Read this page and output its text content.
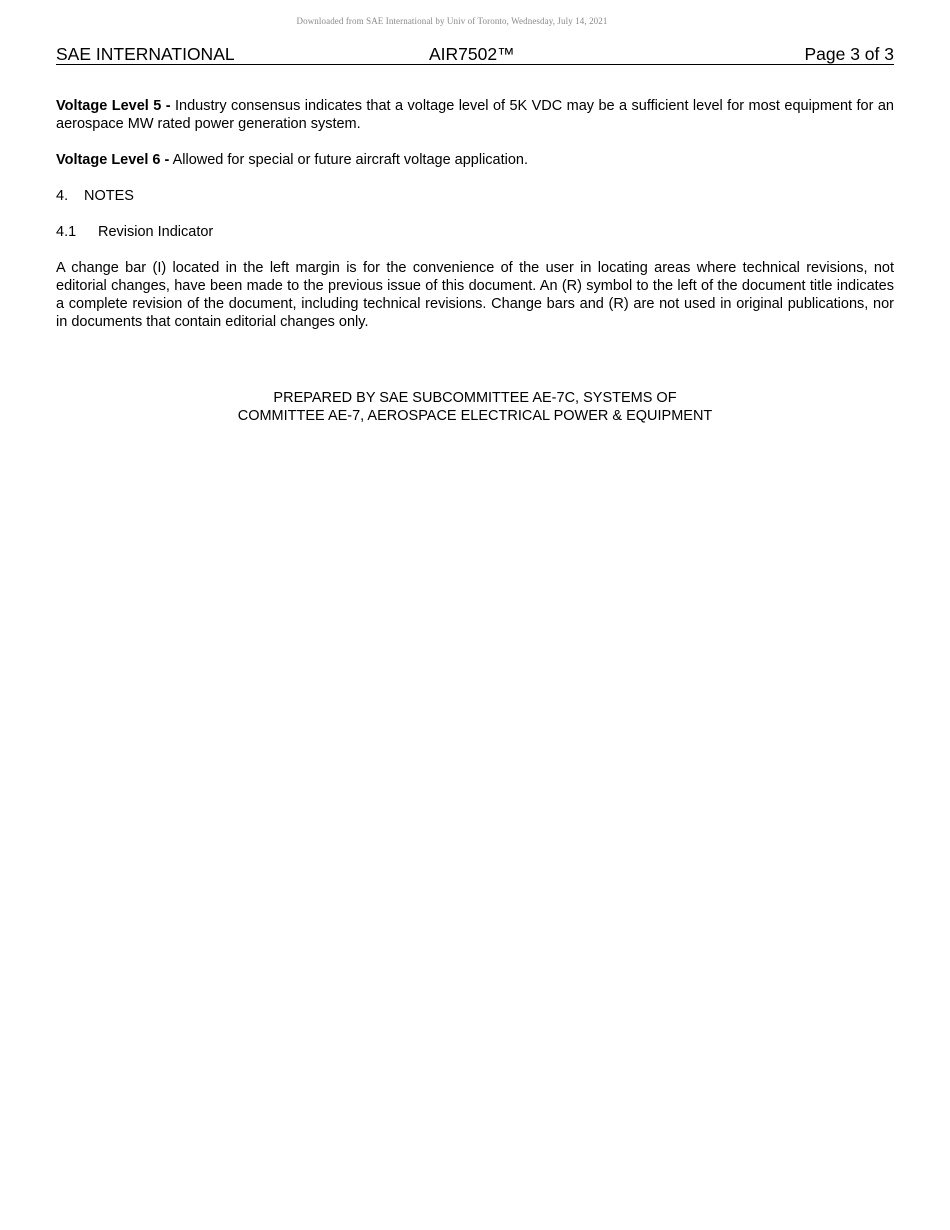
Downloaded from SAE International by Univ of Toronto, Wednesday, July 14, 2021
SAE INTERNATIONAL	AIR7502™	Page 3 of 3

Voltage Level 5 - Industry consensus indicates that a voltage level of 5K VDC may be a sufficient level for most equipment for an aerospace MW rated power generation system.

Voltage Level 6 - Allowed for special or future aircraft voltage application.

4. NOTES
4.1 Revision Indicator

A change bar (I) located in the left margin is for the convenience of the user in locating areas where technical revisions, not editorial changes, have been made to the previous issue of this document. An (R) symbol to the left of the document title indicates a complete revision of the document, including technical revisions. Change bars and (R) are not used in original publications, nor in documents that contain editorial changes only.

PREPARED BY SAE SUBCOMMITTEE AE-7C, SYSTEMS OF
COMMITTEE AE-7, AEROSPACE ELECTRICAL POWER & EQUIPMENT
